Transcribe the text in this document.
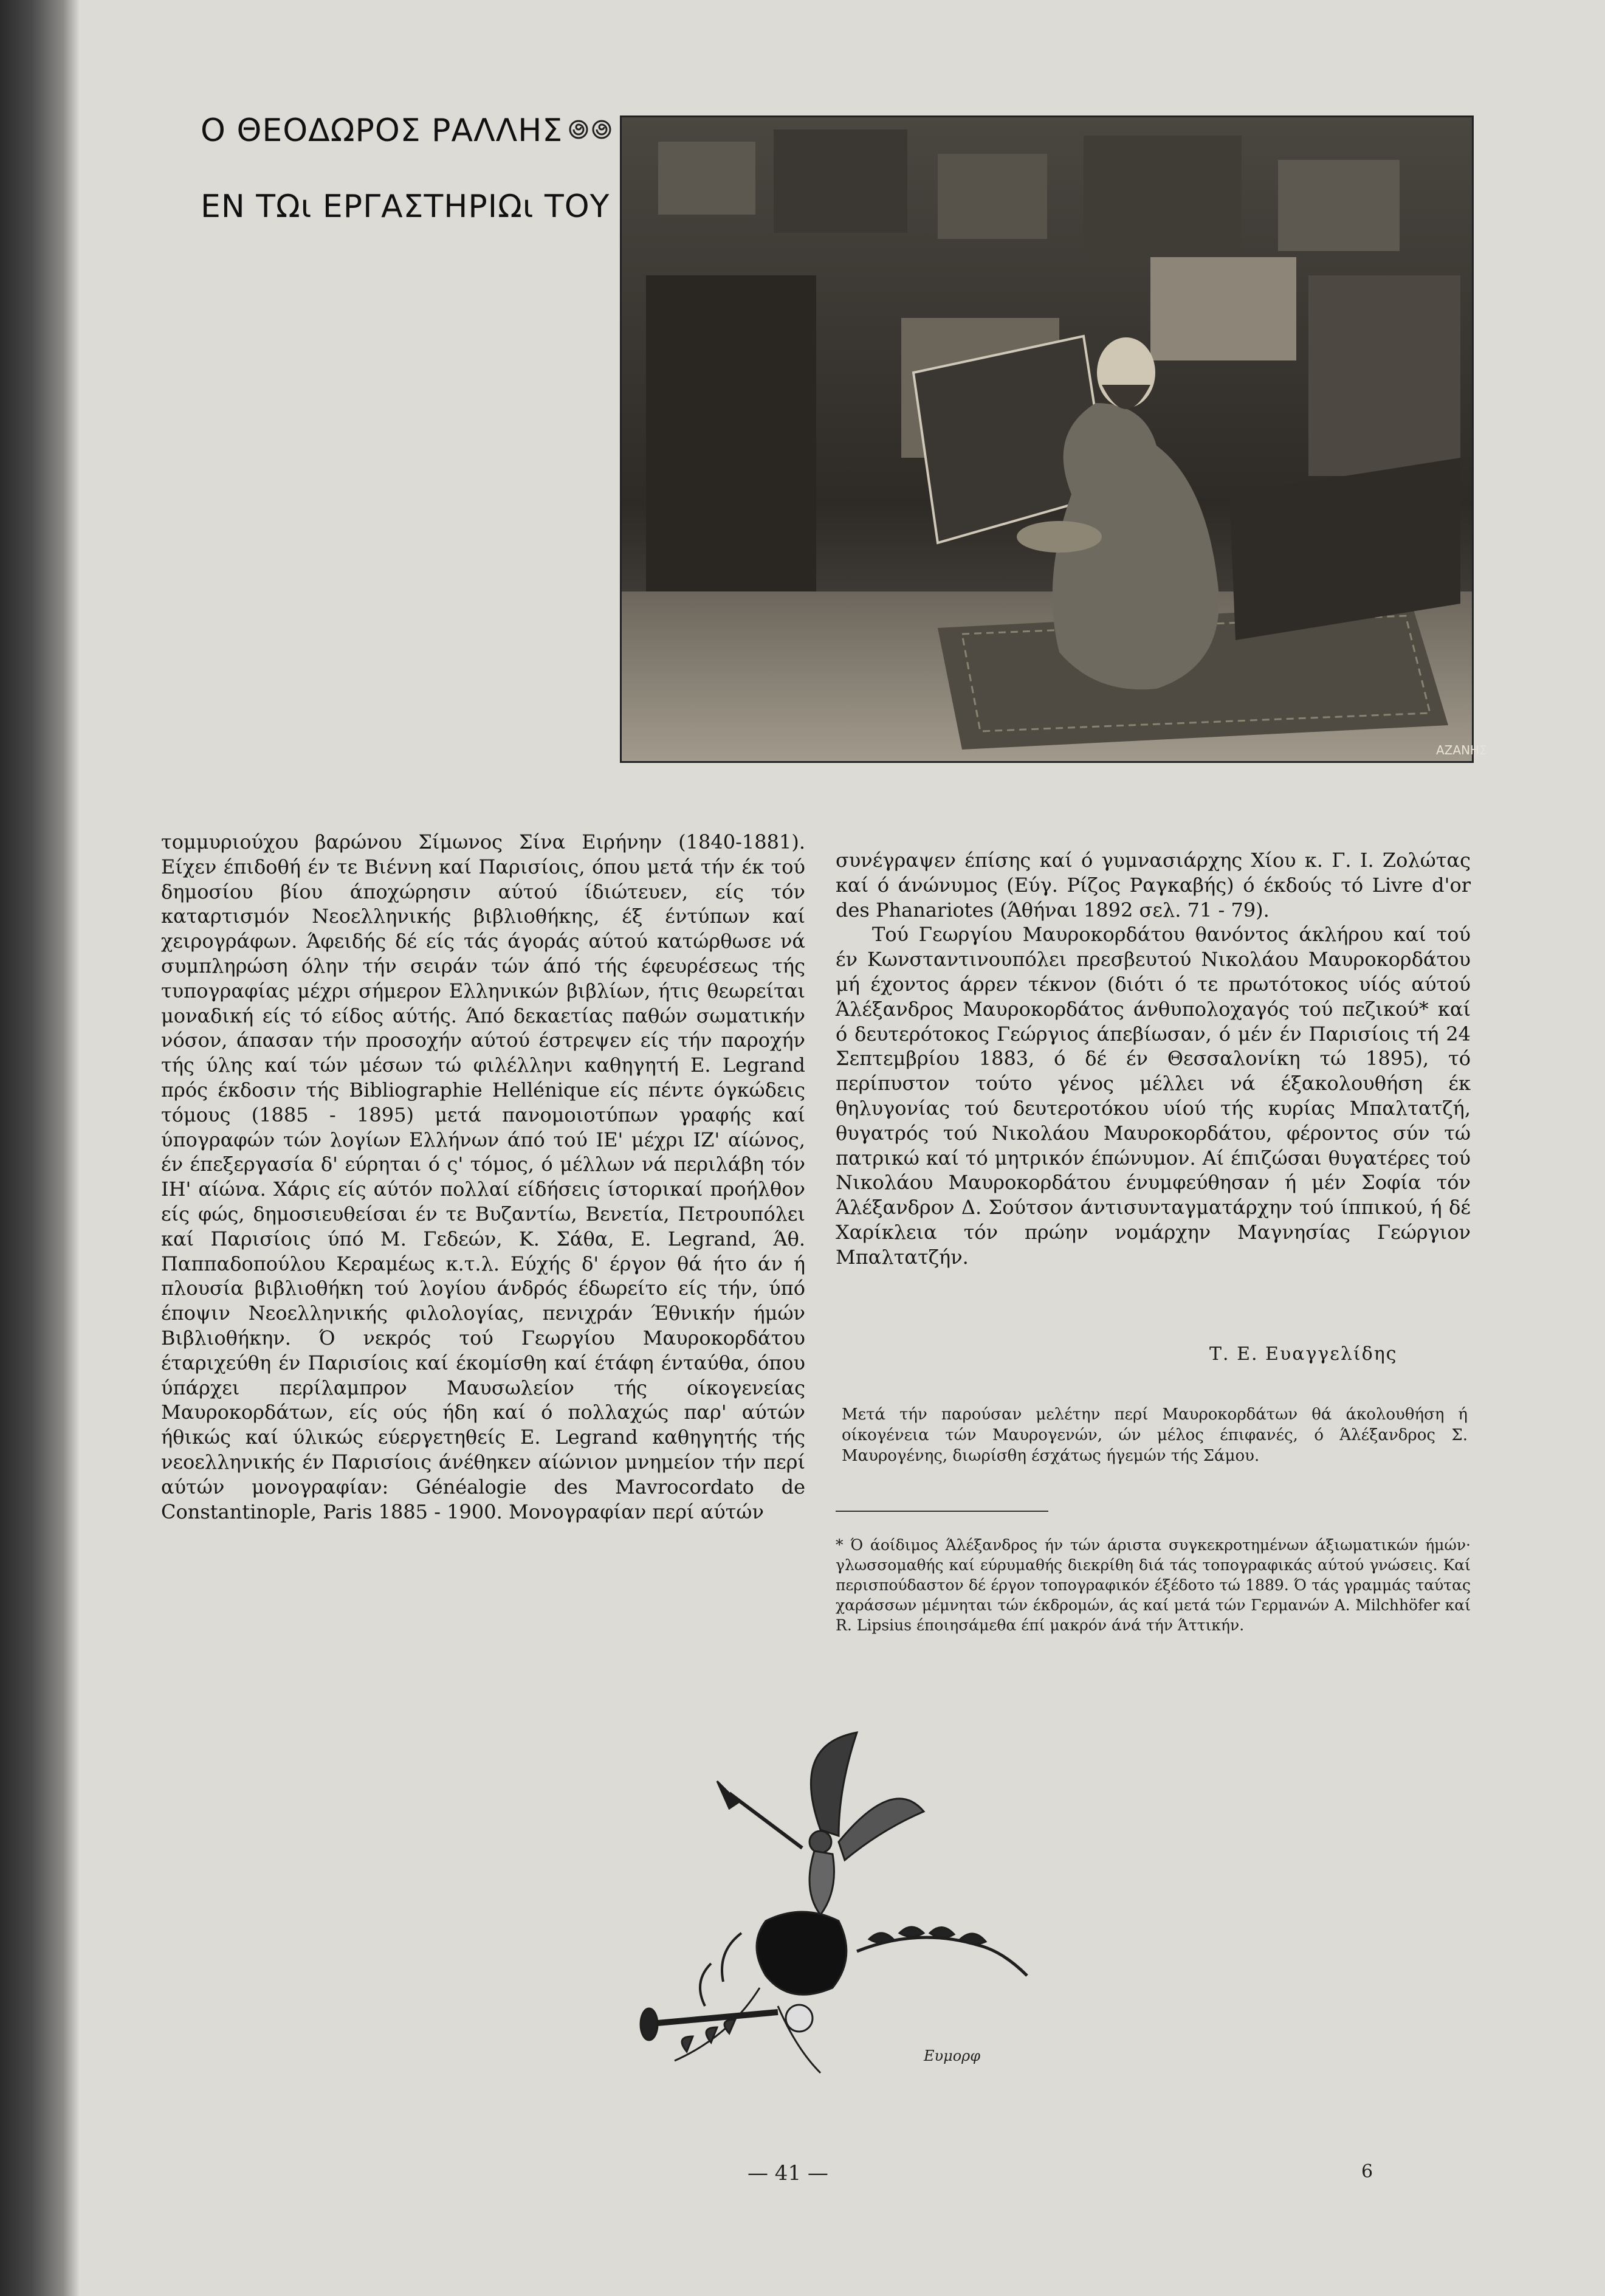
Ο ΘΕΟΔΩΡΟΣ ΡΑΛΛΗΣ
ΕΝ ΤΩι ΕΡΓΑΣΤΗΡΙΩι ΤΟΥ
ΑΖΑΝΗΣ

τομμυριούχου βαρώνου Σίμωνος Σίνα Ειρήνην (1840-1881). Είχεν έπιδοθή έν τε Βιέννη καί Παρισίοις, όπου μετά τήν έκ τού δημοσίου βίου άποχώρησιν αύτού ίδιώτευεν, είς τόν καταρτισμόν Νεοελληνικής βιβλιοθήκης, έξ έντύπων καί χειρογράφων. Άφειδής δέ είς τάς άγοράς αύτού κατώρθωσε νά συμπληρώση όλην τήν σειράν τών άπό τής έφευρέσεως τής τυπογραφίας μέχρι σήμερον Ελληνικών βιβλίων, ήτις θεωρείται μοναδική είς τό είδος αύτής. Άπό δεκαετίας παθών σωματικήν νόσον, άπασαν τήν προσοχήν αύτού έστρεψεν είς τήν παροχήν τής ύλης καί τών μέσων τώ φιλέλληνι καθηγητή E. Legrand πρός έκδοσιν τής Bibliographie Hellénique είς πέντε όγκώδεις τόμους (1885 - 1895) μετά πανομοιοτύπων γραφής καί ύπογραφών τών λογίων Ελλήνων άπό τού ΙΕ' μέχρι ΙΖ' αίώνος, έν έπεξεργασία δ' εύρηται ό ς' τόμος, ό μέλλων νά περιλάβη τόν ΙΗ' αίώνα. Χάρις είς αύτόν πολλαί είδήσεις ίστορικαί προήλθον είς φώς, δημοσιευθείσαι έν τε Βυζαντίω, Βενετία, Πετρουπόλει καί Παρισίοις ύπό Μ. Γεδεών, Κ. Σάθα, E. Legrand, Άθ. Παππαδοπούλου Κεραμέως κ.τ.λ. Εύχής δ' έργον θά ήτο άν ή πλουσία βιβλιοθήκη τού λογίου άνδρός έδωρείτο είς τήν, ύπό έποψιν Νεοελληνικής φιλολογίας, πενιχράν Έθνικήν ήμών Βιβλιοθήκην. Ό νεκρός τού Γεωργίου Μαυροκορδάτου έταριχεύθη έν Παρισίοις καί έκομίσθη καί έτάφη ένταύθα, όπου ύπάρχει περίλαμπρον Μαυσωλείον τής οίκογενείας Μαυροκορδάτων, είς ούς ήδη καί ό πολλαχώς παρ' αύτών ήθικώς καί ύλικώς εύεργετηθείς E. Legrand καθηγητής τής νεοελληνικής έν Παρισίοις άνέθηκεν αίώνιον μνημείον τήν περί αύτών μονογραφίαν: Généalogie des Mavrocordato de Constantinople, Paris 1885 - 1900. Μονογραφίαν περί αύτών

συνέγραψεν έπίσης καί ό γυμνασιάρχης Χίου κ. Γ. Ι. Ζολώτας καί ό άνώνυμος (Εύγ. Ρίζος Ραγκαβής) ό έκδούς τό Livre d'or des Phanariotes (Άθήναι 1892 σελ. 71 - 79).

Τού Γεωργίου Μαυροκορδάτου θανόντος άκλήρου καί τού έν Κωνσταντινουπόλει πρεσβευτού Νικολάου Μαυροκορδάτου μή έχοντος άρρεν τέκνον (διότι ό τε πρωτότοκος υίός αύτού Άλέξανδρος Μαυροκορδάτος άνθυπολοχαγός τού πεζικού* καί ό δευτερότοκος Γεώργιος άπεβίωσαν, ό μέν έν Παρισίοις τή 24 Σεπτεμβρίου 1883, ό δέ έν Θεσσαλονίκη τώ 1895), τό περίπυστον τούτο γένος μέλλει νά έξακολουθήση έκ θηλυγονίας τού δευτεροτόκου υίού τής κυρίας Μπαλτατζή, θυγατρός τού Νικολάου Μαυροκορδάτου, φέροντος σύν τώ πατρικώ καί τό μητρικόν έπώνυμον. Αί έπιζώσαι θυγατέρες τού Νικολάου Μαυροκορδάτου ένυμφεύθησαν ή μέν Σοφία τόν Άλέξανδρον Δ. Σούτσον άντισυνταγματάρχην τού ίππικού, ή δέ Χαρίκλεια τόν πρώην νομάρχην Μαγνησίας Γεώργιον Μπαλτατζήν.

Τ. Ε. Ευαγγελίδης
Μετά τήν παρούσαν μελέτην περί Μαυροκορδάτων θά άκολουθήση ή οίκογένεια τών Μαυρογενών, ών μέλος έπιφανές, ό Άλέξανδρος Σ. Μαυρογένης, διωρίσθη έσχάτως ήγεμών τής Σάμου.
* Ό άοίδιμος Άλέξανδρος ήν τών άριστα συγκεκροτημένων άξιωματικών ήμών· γλωσσομαθής καί εύρυμαθής διεκρίθη διά τάς τοπογραφικάς αύτού γνώσεις. Καί περισπούδαστον δέ έργον τοπογραφικόν έξέδοτο τώ 1889. Ό τάς γραμμάς ταύτας χαράσσων μέμνηται τών έκδρομών, άς καί μετά τών Γερμανών A. Milchhöfer καί R. Lipsius έποιησάμεθα έπί μακρόν άνά τήν Άττικήν.
Ευμορφ
— 41 —	6
